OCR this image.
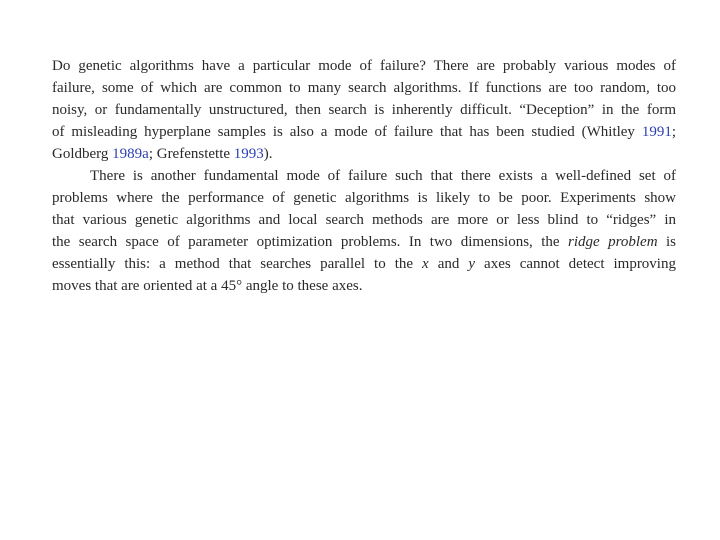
Do genetic algorithms have a particular mode of failure? There are probably various modes of
failure, some of which are common to many search algorithms. If functions are too random, too
noisy, or fundamentally unstructured, then search is inherently difficult. “Deception” in the form
of misleading hyperplane samples is also a mode of failure that has been studied (Whitley 1991;
Goldberg 1989a; Grefenstette 1993).
There is another fundamental mode of failure such that there exists a well-defined set of
problems where the performance of genetic algorithms is likely to be poor. Experiments show
that various genetic algorithms and local search methods are more or less blind to “ridges” in
the search space of parameter optimization problems. In two dimensions, the ridge problem is
essentially this: a method that searches parallel to the x and y axes cannot detect improving
moves that are oriented at a 45° angle to these axes.
